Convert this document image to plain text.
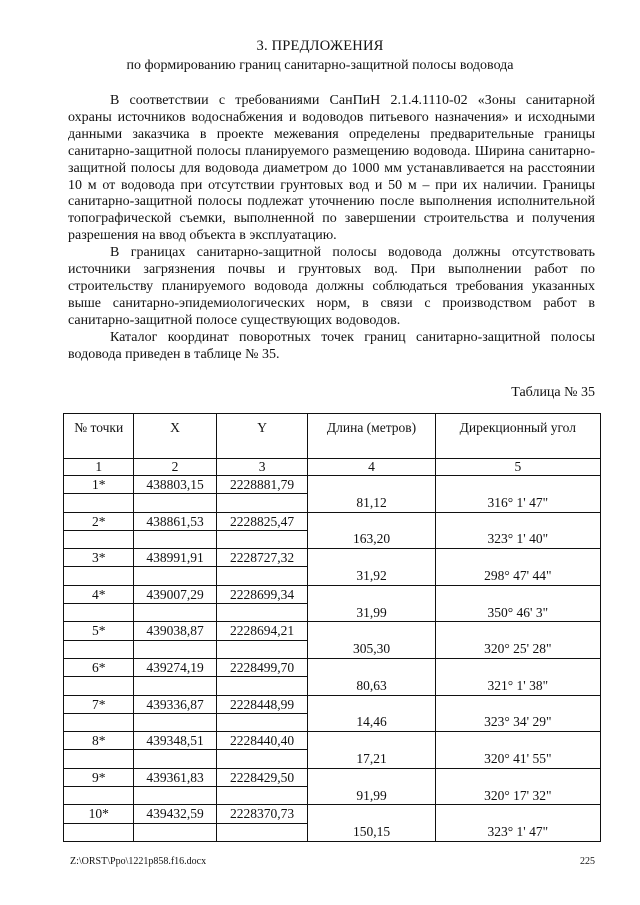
3. ПРЕДЛОЖЕНИЯ
по формированию границ санитарно-защитной полосы водовода

В соответствии с требованиями СанПиН 2.1.4.1110-02 «Зоны санитарной охраны источников водоснабжения и водоводов питьевого назначения» и исходными данными заказчика в проекте межевания определены предварительные границы санитарно-защитной полосы планируемого размещению водовода. Ширина санитарно-защитной полосы для водовода диаметром до 1000 мм устанавливается на расстоянии 10 м от водовода при отсутствии грунтовых вод и 50 м – при их наличии. Границы санитарно-защитной полосы подлежат уточнению после выполнения исполнительной топографической съемки, выполненной по завершении строительства и получения разрешения на ввод объекта в эксплуатацию.

В границах санитарно-защитной полосы водовода должны отсутствовать источники загрязнения почвы и грунтовых вод. При выполнении работ по строительству планируемого водовода должны соблюдаться требования указанных выше санитарно-эпидемиологических норм, в связи с производством работ в санитарно-защитной полосе существующих водоводов.

Каталог координат поворотных точек границ санитарно-защитной полосы водовода приведен в таблице № 35.

Таблица № 35
№ точки	X	Y	Длина (метров)	Дирекционный угол
1	2	3	4	5
1*	438803,15	2228881,79		
			81,12	316° 1' 47"
2*	438861,53	2228825,47		
			163,20	323° 1' 40"
3*	438991,91	2228727,32		
			31,92	298° 47' 44"
4*	439007,29	2228699,34		
			31,99	350° 46' 3"
5*	439038,87	2228694,21		
			305,30	320° 25' 28"
6*	439274,19	2228499,70		
			80,63	321° 1' 38"
7*	439336,87	2228448,99		
			14,46	323° 34' 29"
8*	439348,51	2228440,40		
			17,21	320° 41' 55"
9*	439361,83	2228429,50		
			91,99	320° 17' 32"
10*	439432,59	2228370,73		
			150,15	323° 1' 47"
Z:\ORST\Ppo\1221p858.f16.docx	225
